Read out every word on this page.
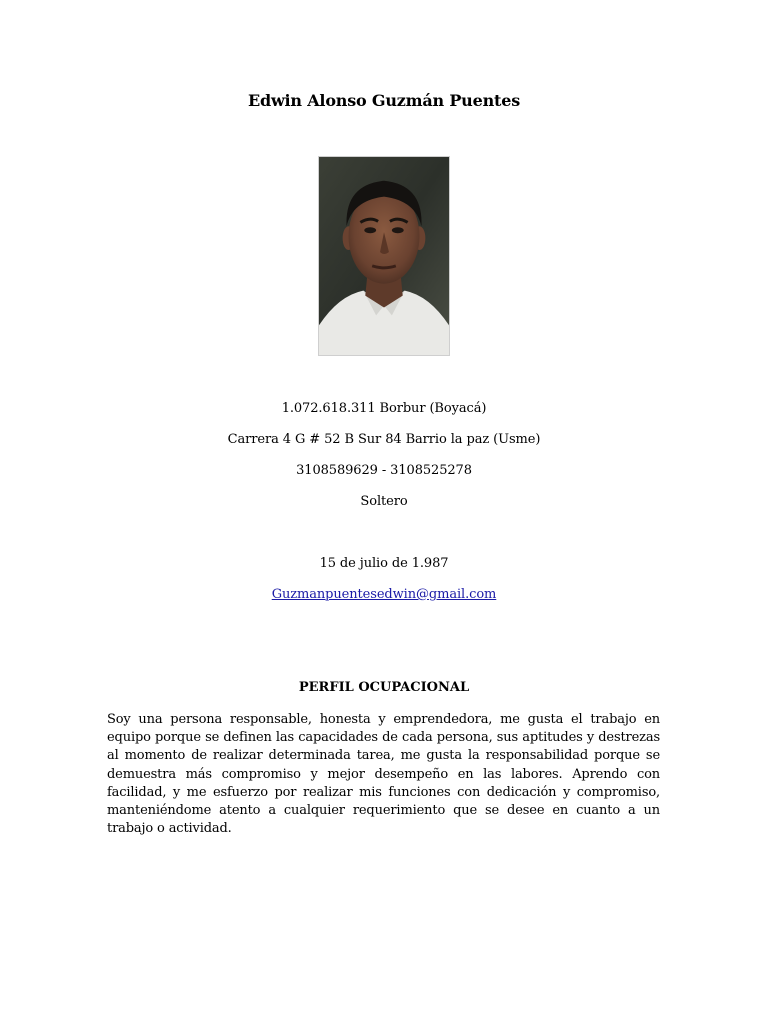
Edwin Alonso Guzmán Puentes
1.072.618.311 Borbur (Boyacá)
Carrera 4 G # 52 B Sur 84 Barrio la paz (Usme)
3108589629 - 3108525278
Soltero
15 de julio de 1.987
Guzmanpuentesedwin@gmail.com
PERFIL OCUPACIONAL
Soy una persona responsable, honesta y emprendedora, me gusta el trabajo en equipo porque se definen las capacidades de cada persona, sus aptitudes y destrezas al momento de realizar determinada tarea, me gusta la responsabilidad porque se demuestra más compromiso y mejor desempeño en las labores. Aprendo con facilidad, y me esfuerzo por realizar mis funciones con dedicación y compromiso, manteniéndome atento a cualquier requerimiento que se desee en cuanto a un trabajo o actividad.
